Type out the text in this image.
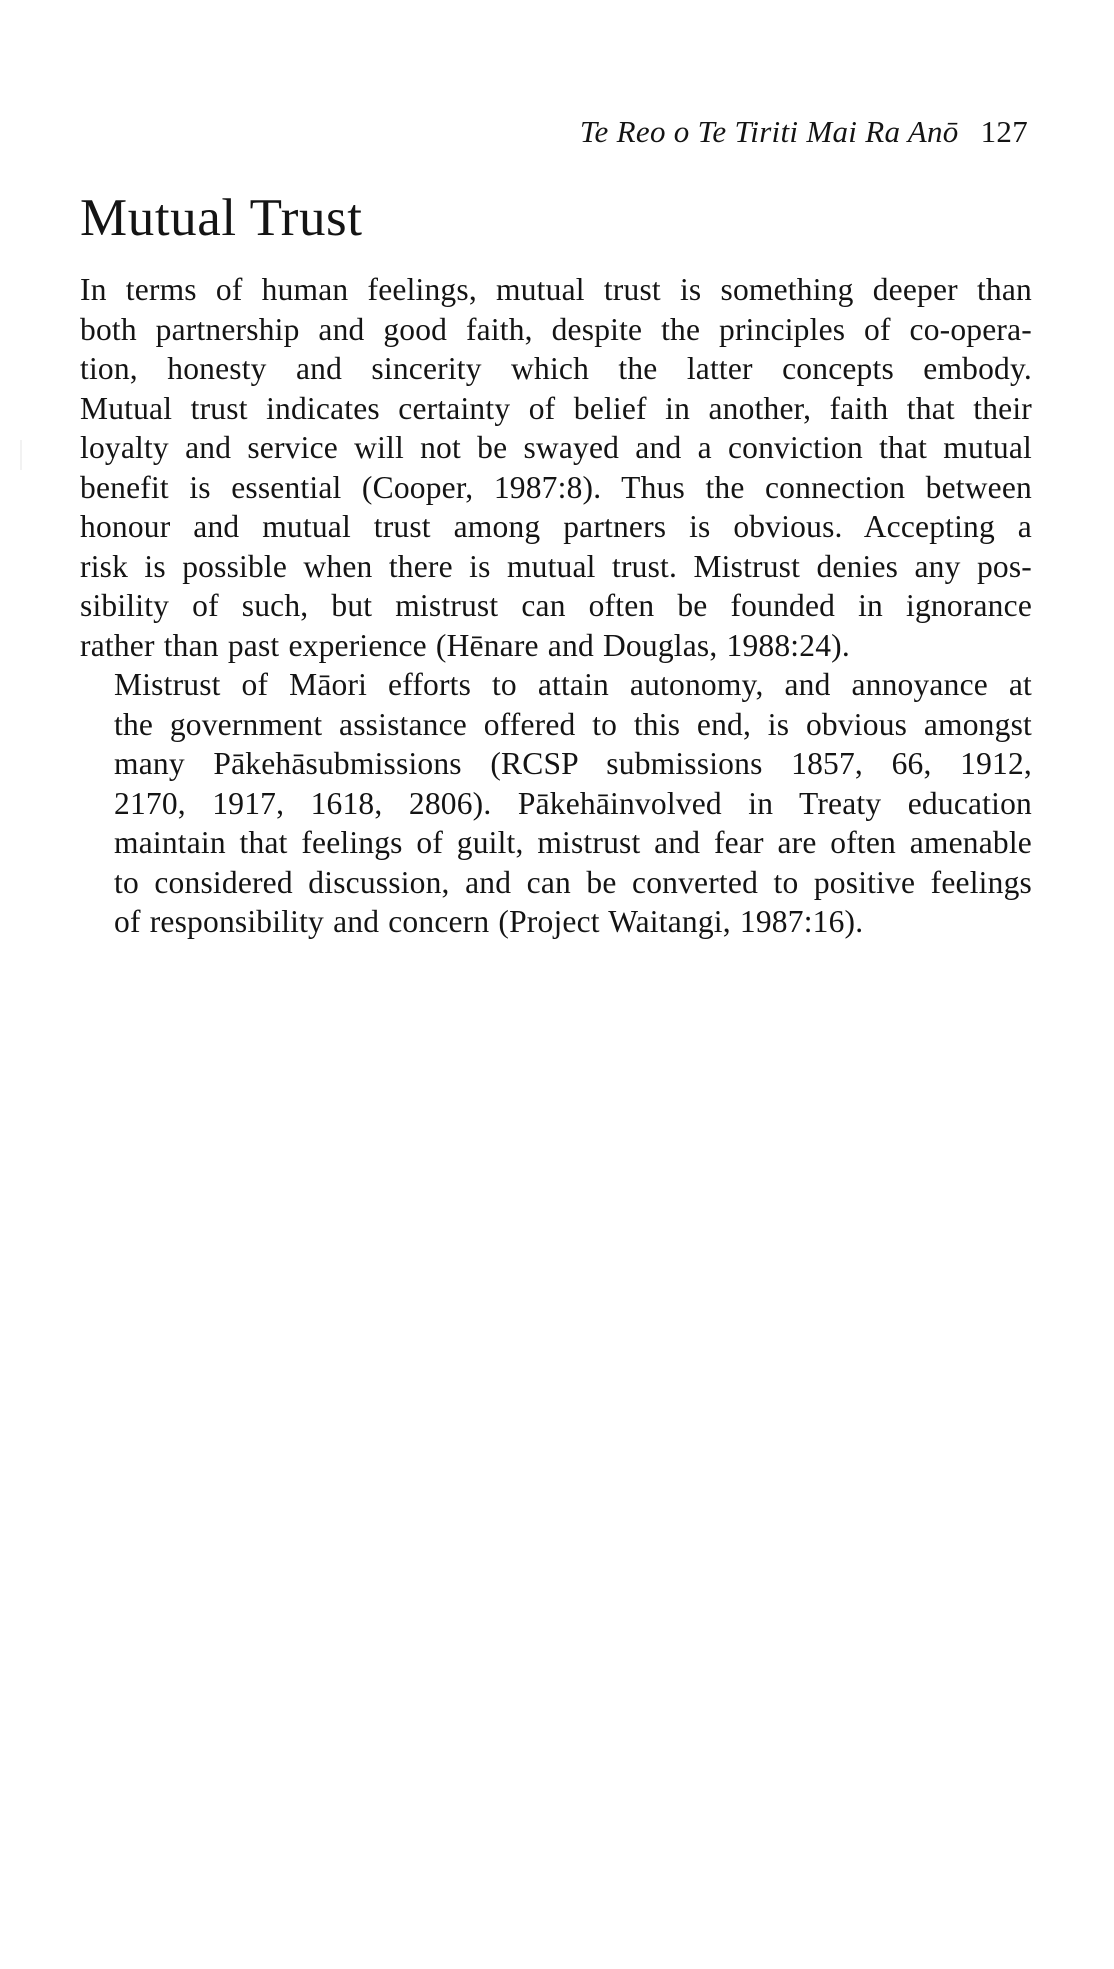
Te Reo o Te Tiriti Mai Ra Anō 127
Mutual Trust

In terms of human feelings, mutual trust is something deeper than
both partnership and good faith, despite the principles of co-opera-
tion, honesty and sincerity which the latter concepts embody.
Mutual trust indicates certainty of belief in another, faith that their
loyalty and service will not be swayed and a conviction that mutual
benefit is essential (Cooper, 1987:8). Thus the connection between
honour and mutual trust among partners is obvious. Accepting a
risk is possible when there is mutual trust. Mistrust denies any pos-
sibility of such, but mistrust can often be founded in ignorance
rather than past experience (Hēnare and Douglas, 1988:24).

Mistrust of Māori efforts to attain autonomy, and annoyance at
the government assistance offered to this end, is obvious amongst
many Pākehāsubmissions (RCSP submissions 1857, 66, 1912,
2170, 1917, 1618, 2806). Pākehāinvolved in Treaty education
maintain that feelings of guilt, mistrust and fear are often amenable
to considered discussion, and can be converted to positive feelings
of responsibility and concern (Project Waitangi, 1987:16).
